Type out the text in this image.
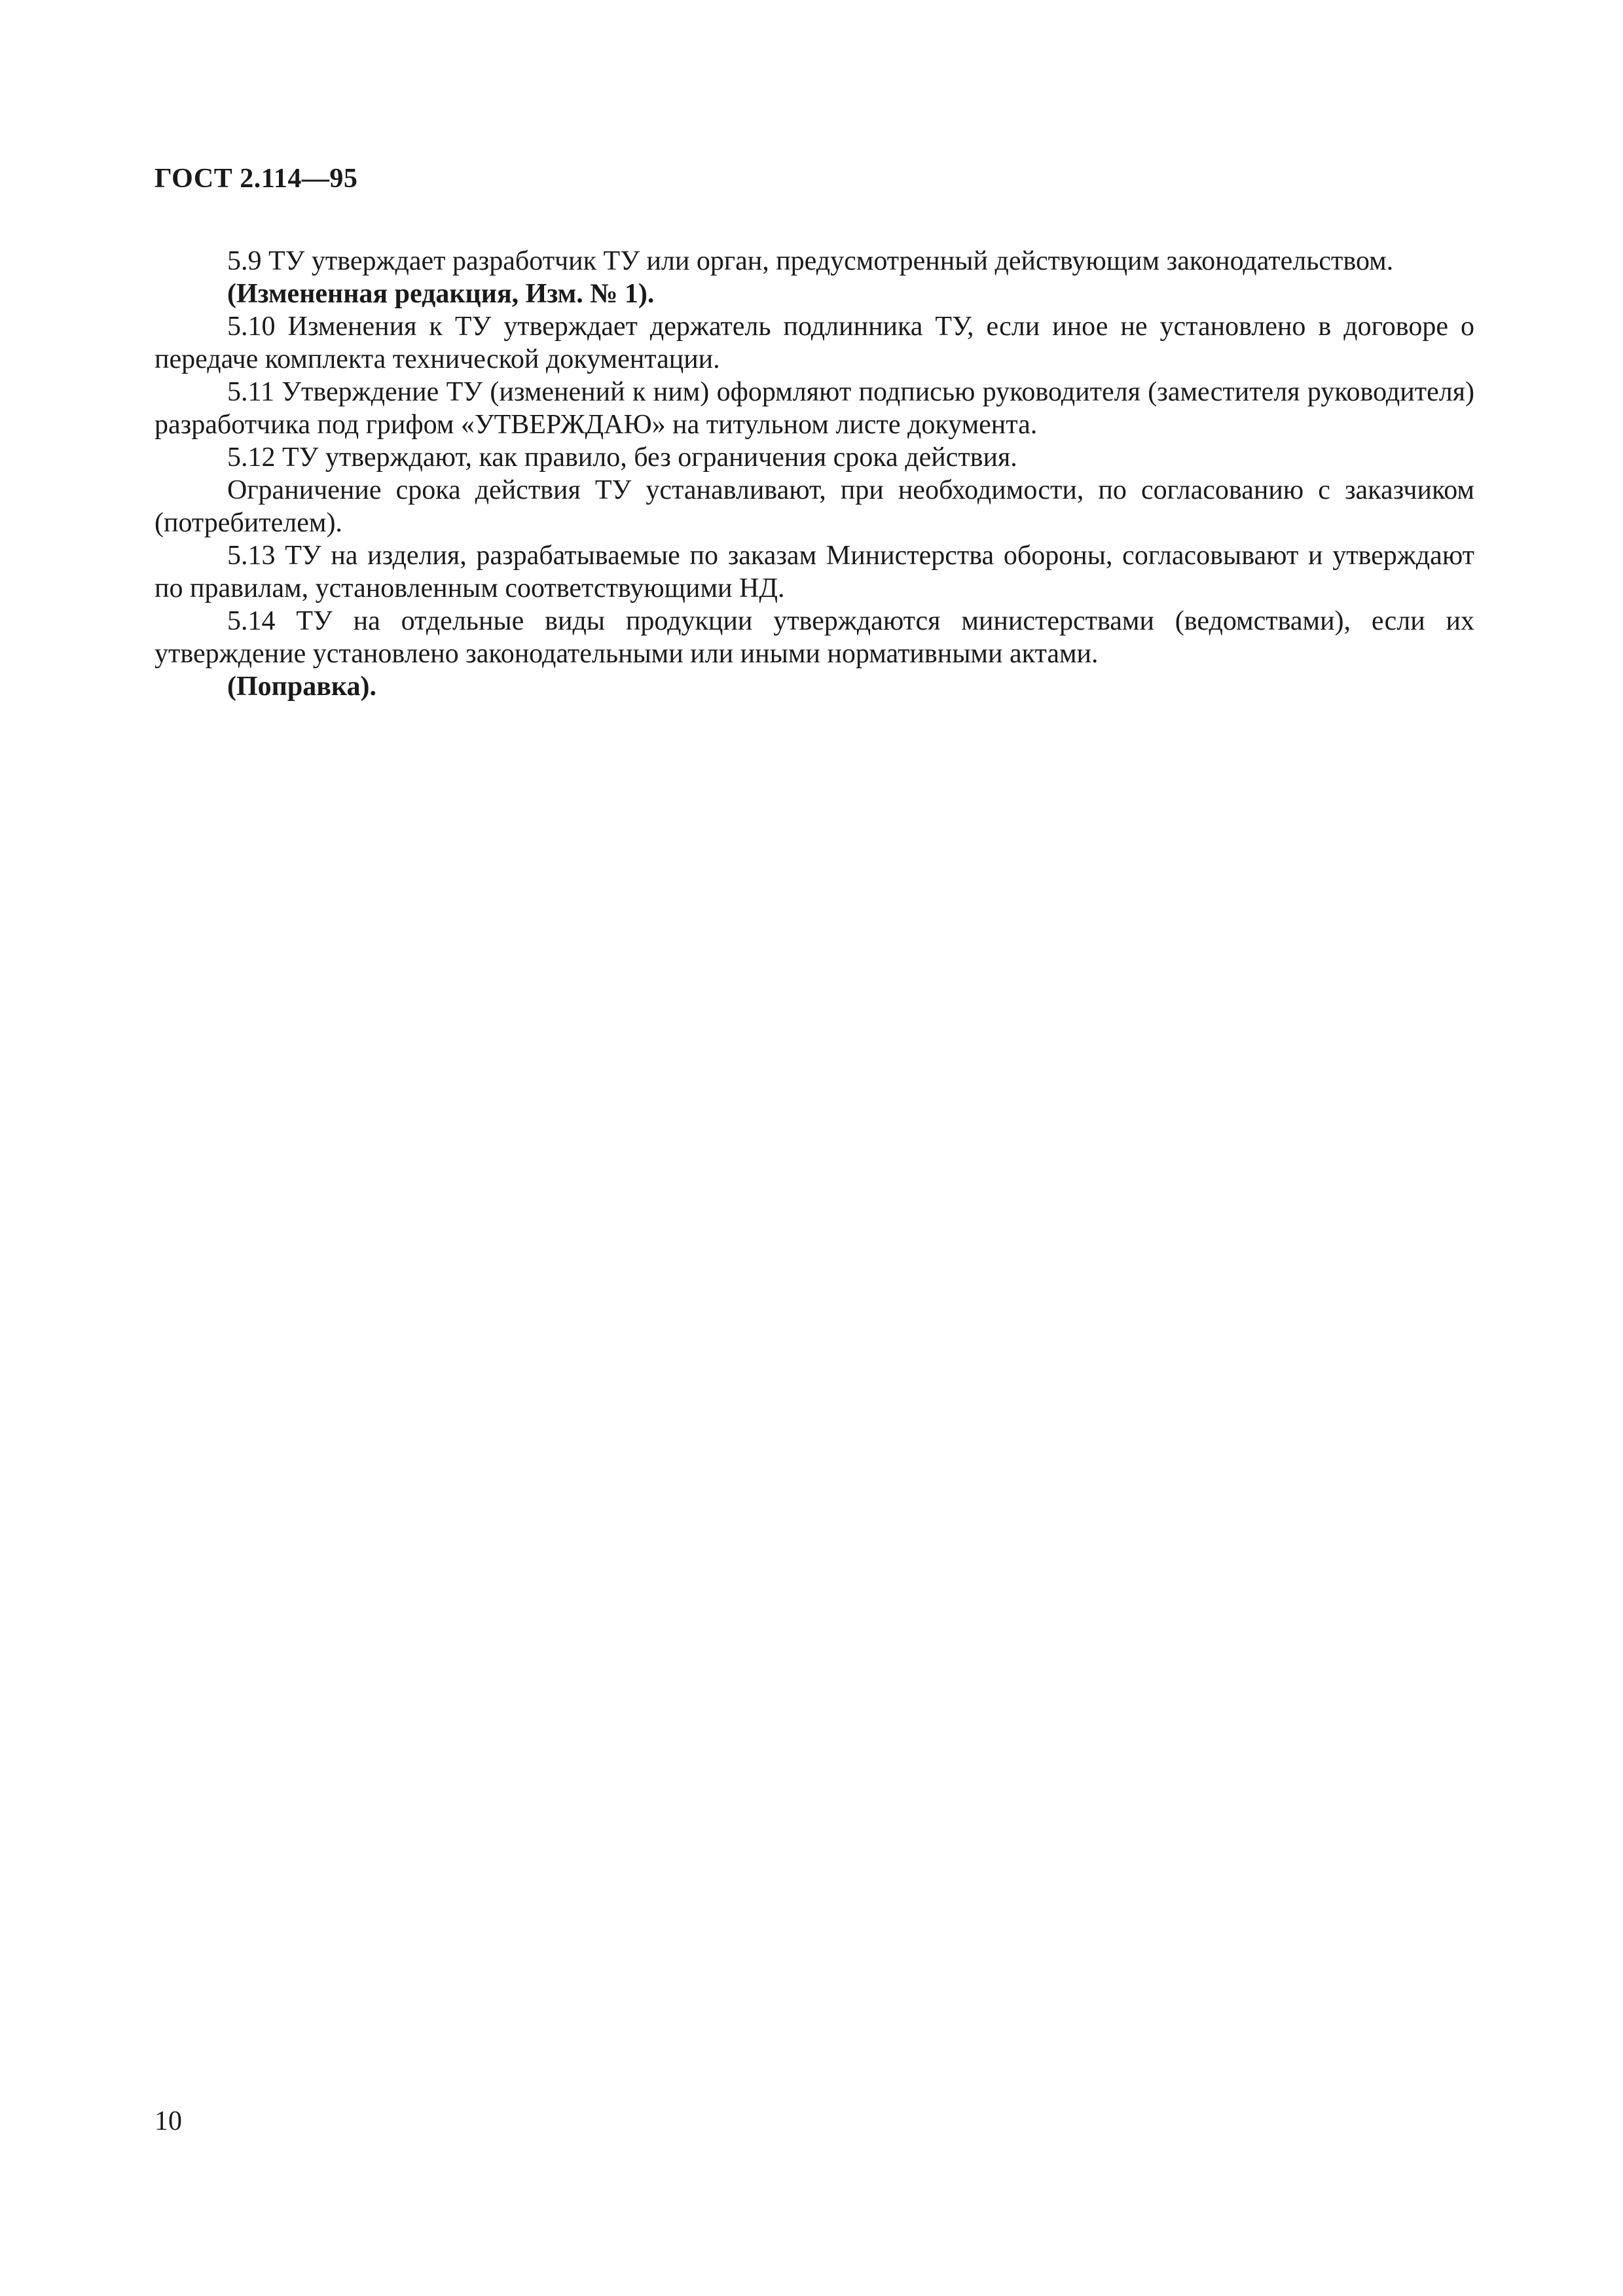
ГОСТ 2.114—95

5.9 ТУ утверждает разработчик ТУ или орган, предусмотренный действующим законодательством.

(Измененная редакция, Изм. № 1).

5.10 Изменения к ТУ утверждает держатель подлинника ТУ, если иное не установлено в договоре о передаче комплекта технической документации.

5.11 Утверждение ТУ (изменений к ним) оформляют подписью руководителя (заместителя руководителя) разработчика под грифом «УТВЕРЖДАЮ» на титульном листе документа.

5.12 ТУ утверждают, как правило, без ограничения срока действия.

Ограничение срока действия ТУ устанавливают, при необходимости, по согласованию с заказчиком (потребителем).

5.13 ТУ на изделия, разрабатываемые по заказам Министерства обороны, согласовывают и утверждают по правилам, установленным соответствующими НД.

5.14 ТУ на отдельные виды продукции утверждаются министерствами (ведомствами), если их утверждение установлено законодательными или иными нормативными актами.

(Поправка).

10
